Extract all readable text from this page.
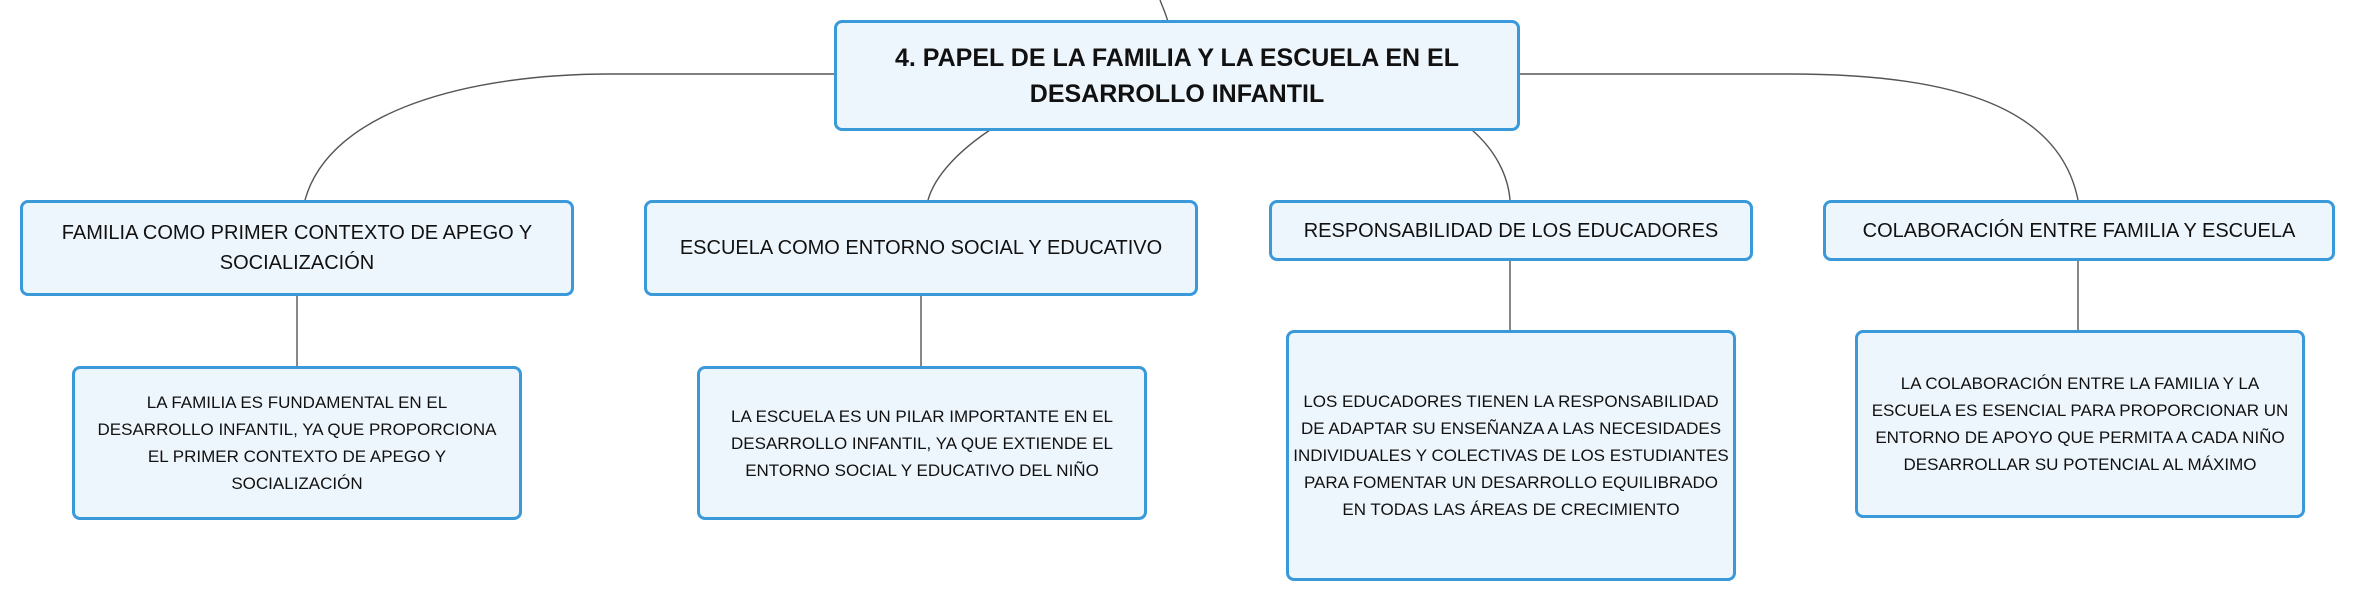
4. PAPEL DE LA FAMILIA Y LA ESCUELA EN EL DESARROLLO INFANTIL
FAMILIA COMO PRIMER CONTEXTO DE APEGO Y SOCIALIZACIÓN
ESCUELA COMO ENTORNO SOCIAL Y EDUCATIVO
RESPONSABILIDAD DE LOS EDUCADORES	COLABORACIÓN ENTRE FAMILIA Y ESCUELA
LA FAMILIA ES FUNDAMENTAL EN EL DESARROLLO INFANTIL, YA QUE PROPORCIONA EL PRIMER CONTEXTO DE APEGO Y SOCIALIZACIÓN
LA ESCUELA ES UN PILAR IMPORTANTE EN EL DESARROLLO INFANTIL, YA QUE EXTIENDE EL ENTORNO SOCIAL Y EDUCATIVO DEL NIÑO
LOS EDUCADORES TIENEN LA RESPONSABILIDAD DE ADAPTAR SU ENSEÑANZA A LAS NECESIDADES INDIVIDUALES Y COLECTIVAS DE LOS ESTUDIANTES PARA FOMENTAR UN DESARROLLO EQUILIBRADO EN TODAS LAS ÁREAS DE CRECIMIENTO
LA COLABORACIÓN ENTRE LA FAMILIA Y LA ESCUELA ES ESENCIAL PARA PROPORCIONAR UN ENTORNO DE APOYO QUE PERMITA A CADA NIÑO DESARROLLAR SU POTENCIAL AL MÁXIMO
